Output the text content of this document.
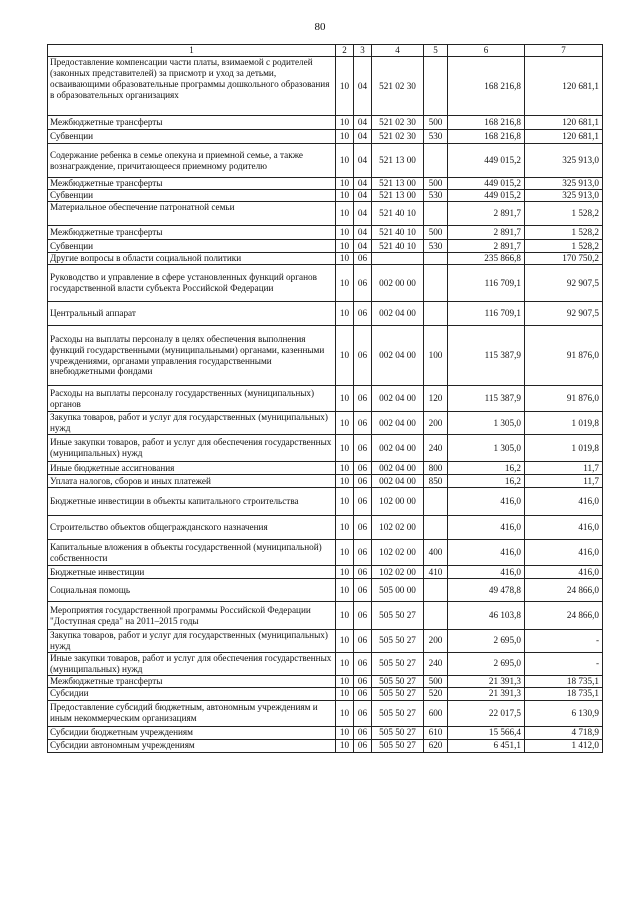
80
1	2	3	4	5	6	7
Предоставление компенсации части платы, взимаемой с родителей (законных представителей) за присмотр и уход за детьми, осваивающими образовательные программы дошкольного образования в образовательных организациях	10	04	521 02 30		168 216,8	120 681,1
Межбюджетные трансферты	10	04	521 02 30	500	168 216,8	120 681,1
Субвенции	10	04	521 02 30	530	168 216,8	120 681,1
Содержание ребенка в семье опекуна и приемной семье, а также вознаграждение, причитающееся приемному родителю	10	04	521 13 00		449 015,2	325 913,0
Межбюджетные трансферты	10	04	521 13 00	500	449 015,2	325 913,0
Субвенции	10	04	521 13 00	530	449 015,2	325 913,0
Материальное обеспечение патронатной семьи	10	04	521 40 10		2 891,7	1 528,2
Межбюджетные трансферты	10	04	521 40 10	500	2 891,7	1 528,2
Субвенции	10	04	521 40 10	530	2 891,7	1 528,2
Другие вопросы в области социальной политики	10	06			235 866,8	170 750,2
Руководство и управление в сфере установленных функций органов государственной власти субъекта Российской Федерации	10	06	002 00 00		116 709,1	92 907,5
Центральный аппарат	10	06	002 04 00		116 709,1	92 907,5
Расходы на выплаты персоналу в целях обеспечения выполнения функций государственными (муниципальными) органами, казенными учреждениями, органами управления государственными внебюджетными фондами	10	06	002 04 00	100	115 387,9	91 876,0
Расходы на выплаты персоналу государственных (муниципальных) органов	10	06	002 04 00	120	115 387,9	91 876,0
Закупка товаров, работ и услуг для государственных (муниципальных) нужд	10	06	002 04 00	200	1 305,0	1 019,8
Иные закупки товаров, работ и услуг для обеспечения государственных (муниципальных) нужд	10	06	002 04 00	240	1 305,0	1 019,8
Иные бюджетные ассигнования	10	06	002 04 00	800	16,2	11,7
Уплата налогов, сборов и иных платежей	10	06	002 04 00	850	16,2	11,7
Бюджетные инвестиции в объекты капитального строительства	10	06	102 00 00		416,0	416,0
Строительство объектов общегражданского назначения	10	06	102 02 00		416,0	416,0
Капитальные вложения в объекты государственной (муниципальной) собственности	10	06	102 02 00	400	416,0	416,0
Бюджетные инвестиции	10	06	102 02 00	410	416,0	416,0
Социальная помощь	10	06	505 00 00		49 478,8	24 866,0
Мероприятия государственной программы Российской Федерации "Доступная среда" на 2011–2015 годы	10	06	505 50 27		46 103,8	24 866,0
Закупка товаров, работ и услуг для государственных (муниципальных) нужд	10	06	505 50 27	200	2 695,0	-
Иные закупки товаров, работ и услуг для обеспечения государственных (муниципальных) нужд	10	06	505 50 27	240	2 695,0	-
Межбюджетные трансферты	10	06	505 50 27	500	21 391,3	18 735,1
Субсидии	10	06	505 50 27	520	21 391,3	18 735,1
Предоставление субсидий бюджетным, автономным учреждениям и иным некоммерческим организациям	10	06	505 50 27	600	22 017,5	6 130,9
Субсидии бюджетным учреждениям	10	06	505 50 27	610	15 566,4	4 718,9
Субсидии автономным учреждениям	10	06	505 50 27	620	6 451,1	1 412,0
